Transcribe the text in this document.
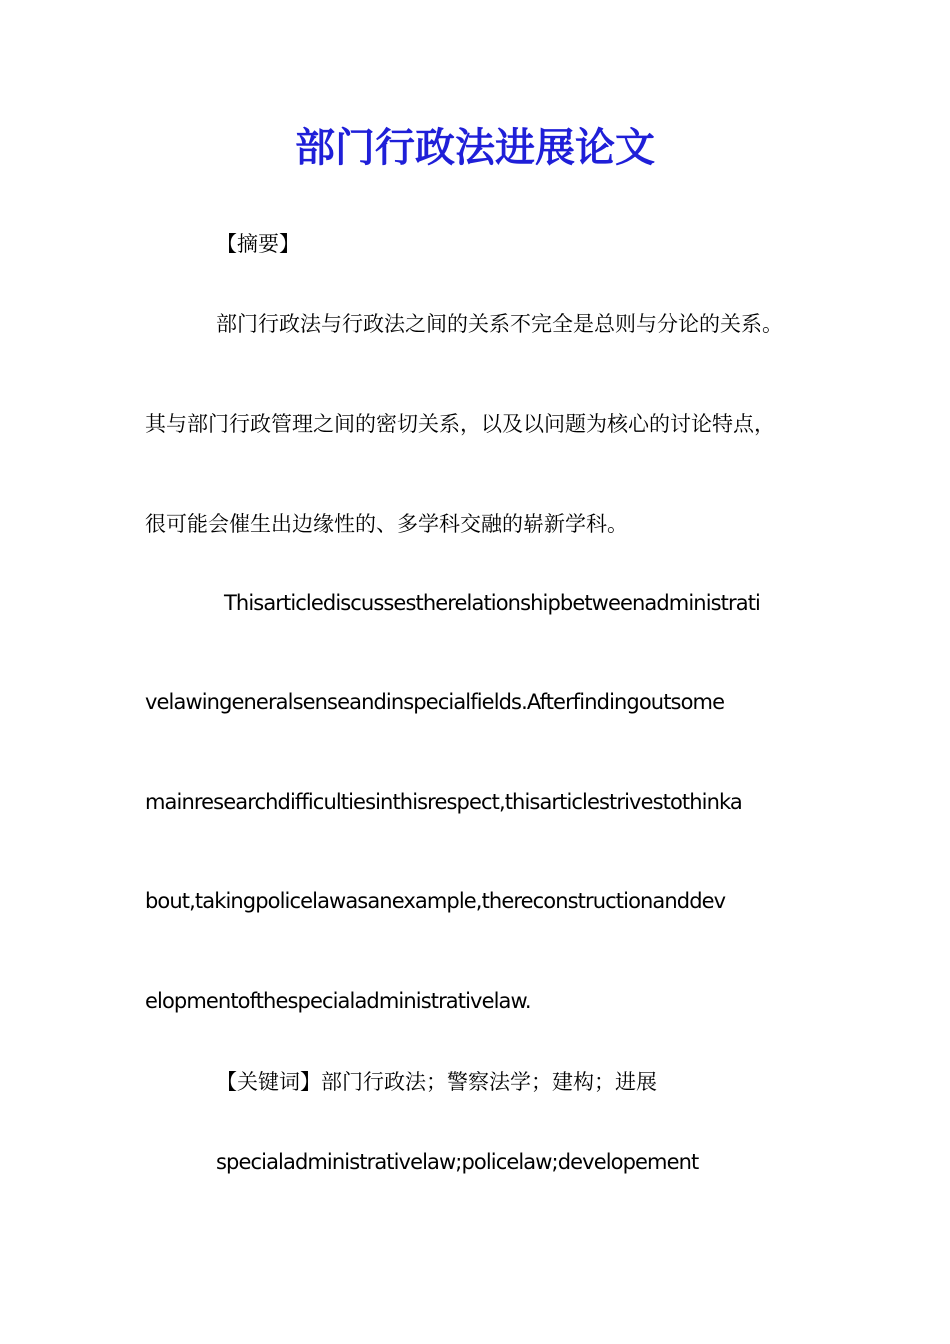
部门行政法进展论文

【摘要】

部门行政法与行政法之间的关系不完全是总则与分论的关系。

其与部门行政管理之间的密切关系，以及以问题为核心的讨论特点，

很可能会催生出边缘性的、多学科交融的崭新学科。

Thisarticlediscussestherelationshipbetweenadministrati

velawingeneralsenseandinspecialfields.Afterfindingoutsome

mainresearchdifficultiesinthisrespect,thisarticlestrivestothinka

bout,takingpolicelawasanexample,thereconstructionanddev

elopmentofthespecialadministrativelaw.

【关键词】部门行政法；警察法学；建构；进展

specialadministrativelaw;policelaw;developement
